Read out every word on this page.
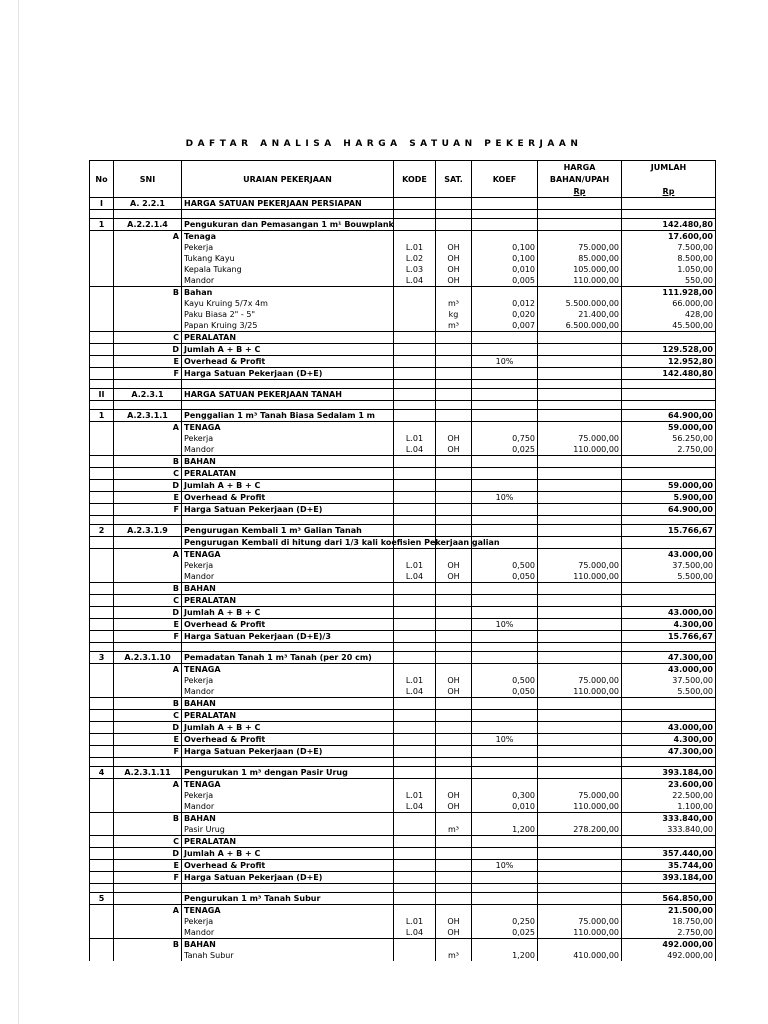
DAFTAR ANALISA HARGA SATUAN PEKERJAAN
						HARGA	JUMLAH
No	SNI	URAIAN PEKERJAAN	KODE	SAT.	KOEF	BAHAN/UPAH	
						Rp	Rp
I	A. 2.2.1	HARGA SATUAN PEKERJAAN PERSIAPAN					

1	A.2.2.1.4	Pengukuran dan Pemasangan 1 m¹ Bouwplank					142.480,80
	A	Tenaga					17.600,00
		Pekerja	L.01	OH	0,100	75.000,00	7.500,00
		Tukang Kayu	L.02	OH	0,100	85.000,00	8.500,00
		Kepala Tukang	L.03	OH	0,010	105.000,00	1.050,00
		Mandor	L.04	OH	0,005	110.000,00	550,00
	B	Bahan					111.928,00
		Kayu Kruing 5/7x 4m		m³	0,012	5.500.000,00	66.000,00
		Paku Biasa 2" - 5"		kg	0,020	21.400,00	428,00
		Papan Kruing 3/25		m³	0,007	6.500.000,00	45.500,00
	C	PERALATAN					
	D	Jumlah A + B + C					129.528,00
	E	Overhead & Profit			10%		12.952,80
	F	Harga Satuan Pekerjaan (D+E)					142.480,80

II	A.2.3.1	HARGA SATUAN PEKERJAAN TANAH					

1	A.2.3.1.1	Penggalian 1 m³ Tanah Biasa Sedalam 1 m					64.900,00
	A	TENAGA					59.000,00
		Pekerja	L.01	OH	0,750	75.000,00	56.250,00
		Mandor	L.04	OH	0,025	110.000,00	2.750,00
	B	BAHAN					
	C	PERALATAN					
	D	Jumlah A + B + C					59.000,00
	E	Overhead & Profit			10%		5.900,00
	F	Harga Satuan Pekerjaan (D+E)					64.900,00

2	A.2.3.1.9	Pengurugan Kembali 1 m³ Galian Tanah					15.766,67
		Pengurugan Kembali di hitung dari 1/3 kali koefisien Pekerjaan galian					
	A	TENAGA					43.000,00
		Pekerja	L.01	OH	0,500	75.000,00	37.500,00
		Mandor	L.04	OH	0,050	110.000,00	5.500,00
	B	BAHAN					
	C	PERALATAN					
	D	Jumlah A + B + C					43.000,00
	E	Overhead & Profit			10%		4.300,00
	F	Harga Satuan Pekerjaan (D+E)/3					15.766,67

3	A.2.3.1.10	Pemadatan Tanah 1 m³ Tanah (per 20 cm)					47.300,00
	A	TENAGA					43.000,00
		Pekerja	L.01	OH	0,500	75.000,00	37.500,00
		Mandor	L.04	OH	0,050	110.000,00	5.500,00
	B	BAHAN					
	C	PERALATAN					
	D	Jumlah A + B + C					43.000,00
	E	Overhead & Profit			10%		4.300,00
	F	Harga Satuan Pekerjaan (D+E)					47.300,00

4	A.2.3.1.11	Pengurukan 1 m³ dengan Pasir Urug					393.184,00
	A	TENAGA					23.600,00
		Pekerja	L.01	OH	0,300	75.000,00	22.500,00
		Mandor	L.04	OH	0,010	110.000,00	1.100,00
	B	BAHAN					333.840,00
		Pasir Urug		m³	1,200	278.200,00	333.840,00
	C	PERALATAN					
	D	Jumlah A + B + C					357.440,00
	E	Overhead & Profit			10%		35.744,00
	F	Harga Satuan Pekerjaan (D+E)					393.184,00

5		Pengurukan 1 m³ Tanah Subur					564.850,00
	A	TENAGA					21.500,00
		Pekerja	L.01	OH	0,250	75.000,00	18.750,00
		Mandor	L.04	OH	0,025	110.000,00	2.750,00
	B	BAHAN					492.000,00
		Tanah Subur		m³	1,200	410.000,00	492.000,00
